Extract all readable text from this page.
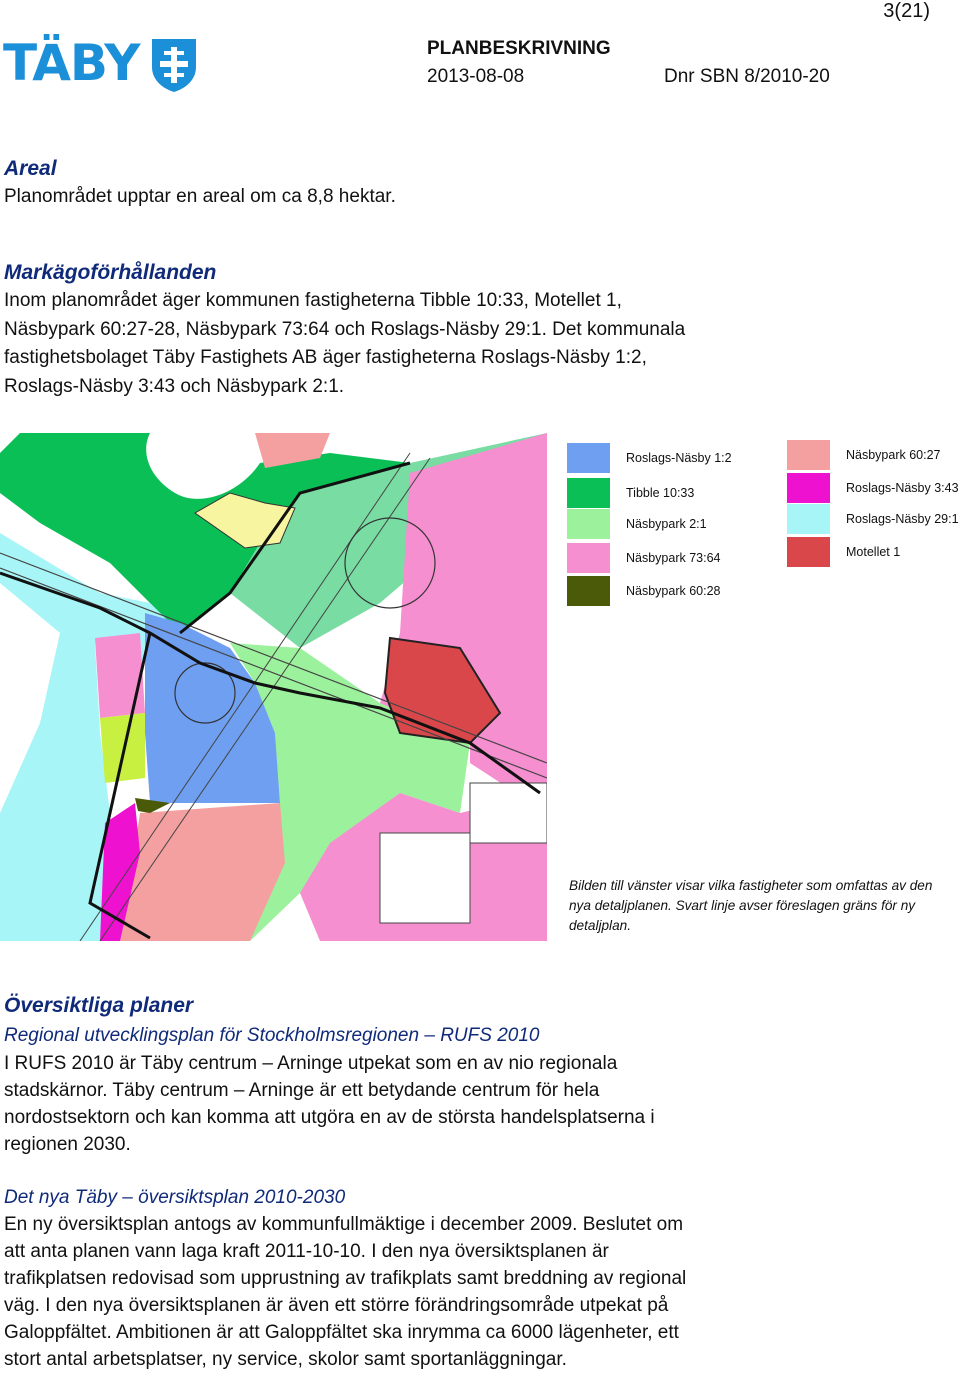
3(21)
TÄBY	PLANBESKRIVNING
2013-08-08	Dnr SBN 8/2010-20
Areal
Planområdet upptar en areal om ca 8,8 hektar.
Markägoförhållanden
Inom planområdet äger kommunen fastigheterna Tibble 10:33, Motellet 1,
Näsbypark 60:27-28, Näsbypark 73:64 och Roslags-Näsby 29:1. Det kommunala
fastighetsbolaget Täby Fastighets AB äger fastigheterna Roslags-Näsby 1:2,
Roslags-Näsby 3:43 och Näsbypark 2:1.
Roslags-Näsby 1:2
Tibble 10:33
Näsbypark 2:1
Näsbypark 73:64
Näsbypark 60:28
Näsbypark 60:27
Roslags-Näsby 3:43
Roslags-Näsby 29:1
Motellet 1
Bilden till vänster visar vilka fastigheter som omfattas av den nya detaljplanen. Svart linje avser föreslagen gräns för ny detaljplan.
Översiktliga planer
Regional utvecklingsplan för Stockholmsregionen – RUFS 2010
I RUFS 2010 är Täby centrum – Arninge utpekat som en av nio regionala
stadskärnor. Täby centrum – Arninge är ett betydande centrum för hela
nordostsektorn och kan komma att utgöra en av de största handelsplatserna i
regionen 2030.
Det nya Täby – översiktsplan 2010-2030
En ny översiktsplan antogs av kommunfullmäktige i december 2009. Beslutet om
att anta planen vann laga kraft 2011-10-10. I den nya översiktsplanen är
trafikplatsen redovisad som upprustning av trafikplats samt breddning av regional
väg. I den nya översiktsplanen är även ett större förändringsområde utpekat på
Galoppfältet. Ambitionen är att Galoppfältet ska inrymma ca 6000 lägenheter, ett
stort antal arbetsplatser, ny service, skolor samt sportanläggningar.
